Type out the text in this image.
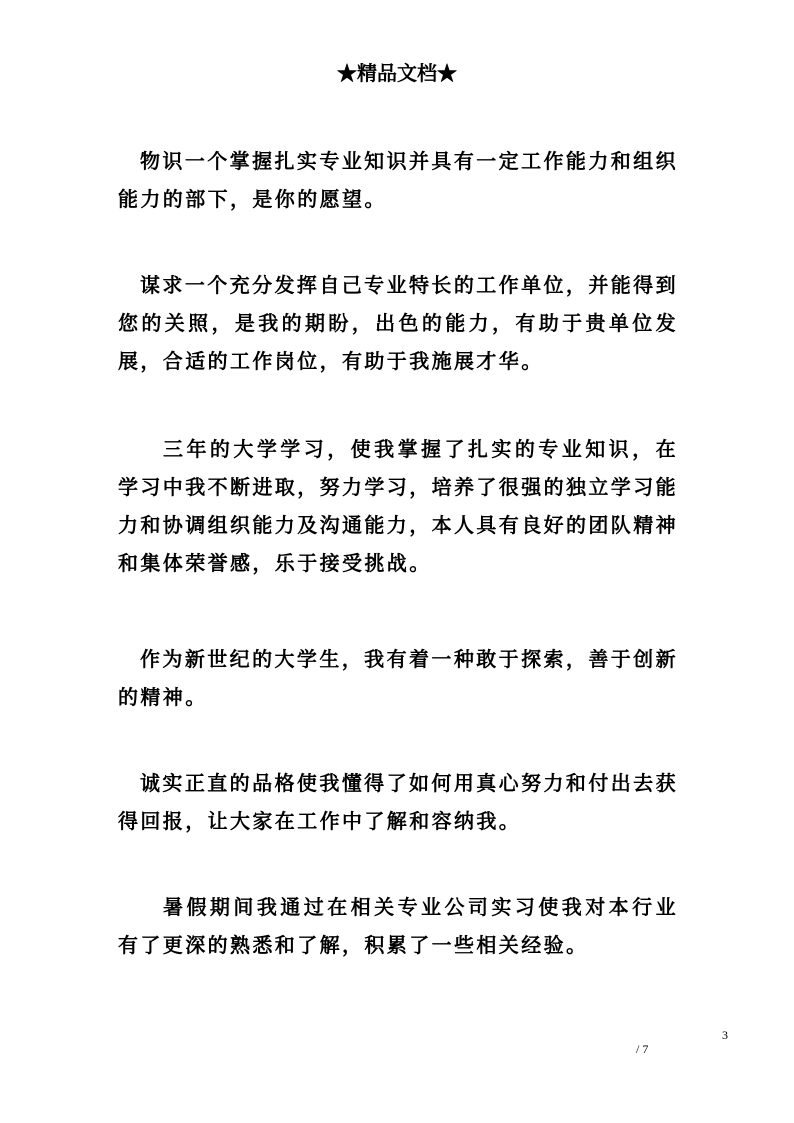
★精品文档★

物识一个掌握扎实专业知识并具有一定工作能力和组织能力的部下，是你的愿望。

谋求一个充分发挥自己专业特长的工作单位，并能得到您的关照，是我的期盼，出色的能力，有助于贵单位发展，合适的工作岗位，有助于我施展才华。

三年的大学学习，使我掌握了扎实的专业知识，在学习中我不断进取，努力学习，培养了很强的独立学习能力和协调组织能力及沟通能力，本人具有良好的团队精神和集体荣誉感，乐于接受挑战。

作为新世纪的大学生，我有着一种敢于探索，善于创新的精神。

诚实正直的品格使我懂得了如何用真心努力和付出去获得回报，让大家在工作中了解和容纳我。

暑假期间我通过在相关专业公司实习使我对本行业有了更深的熟悉和了解，积累了一些相关经验。

3
/ 7
